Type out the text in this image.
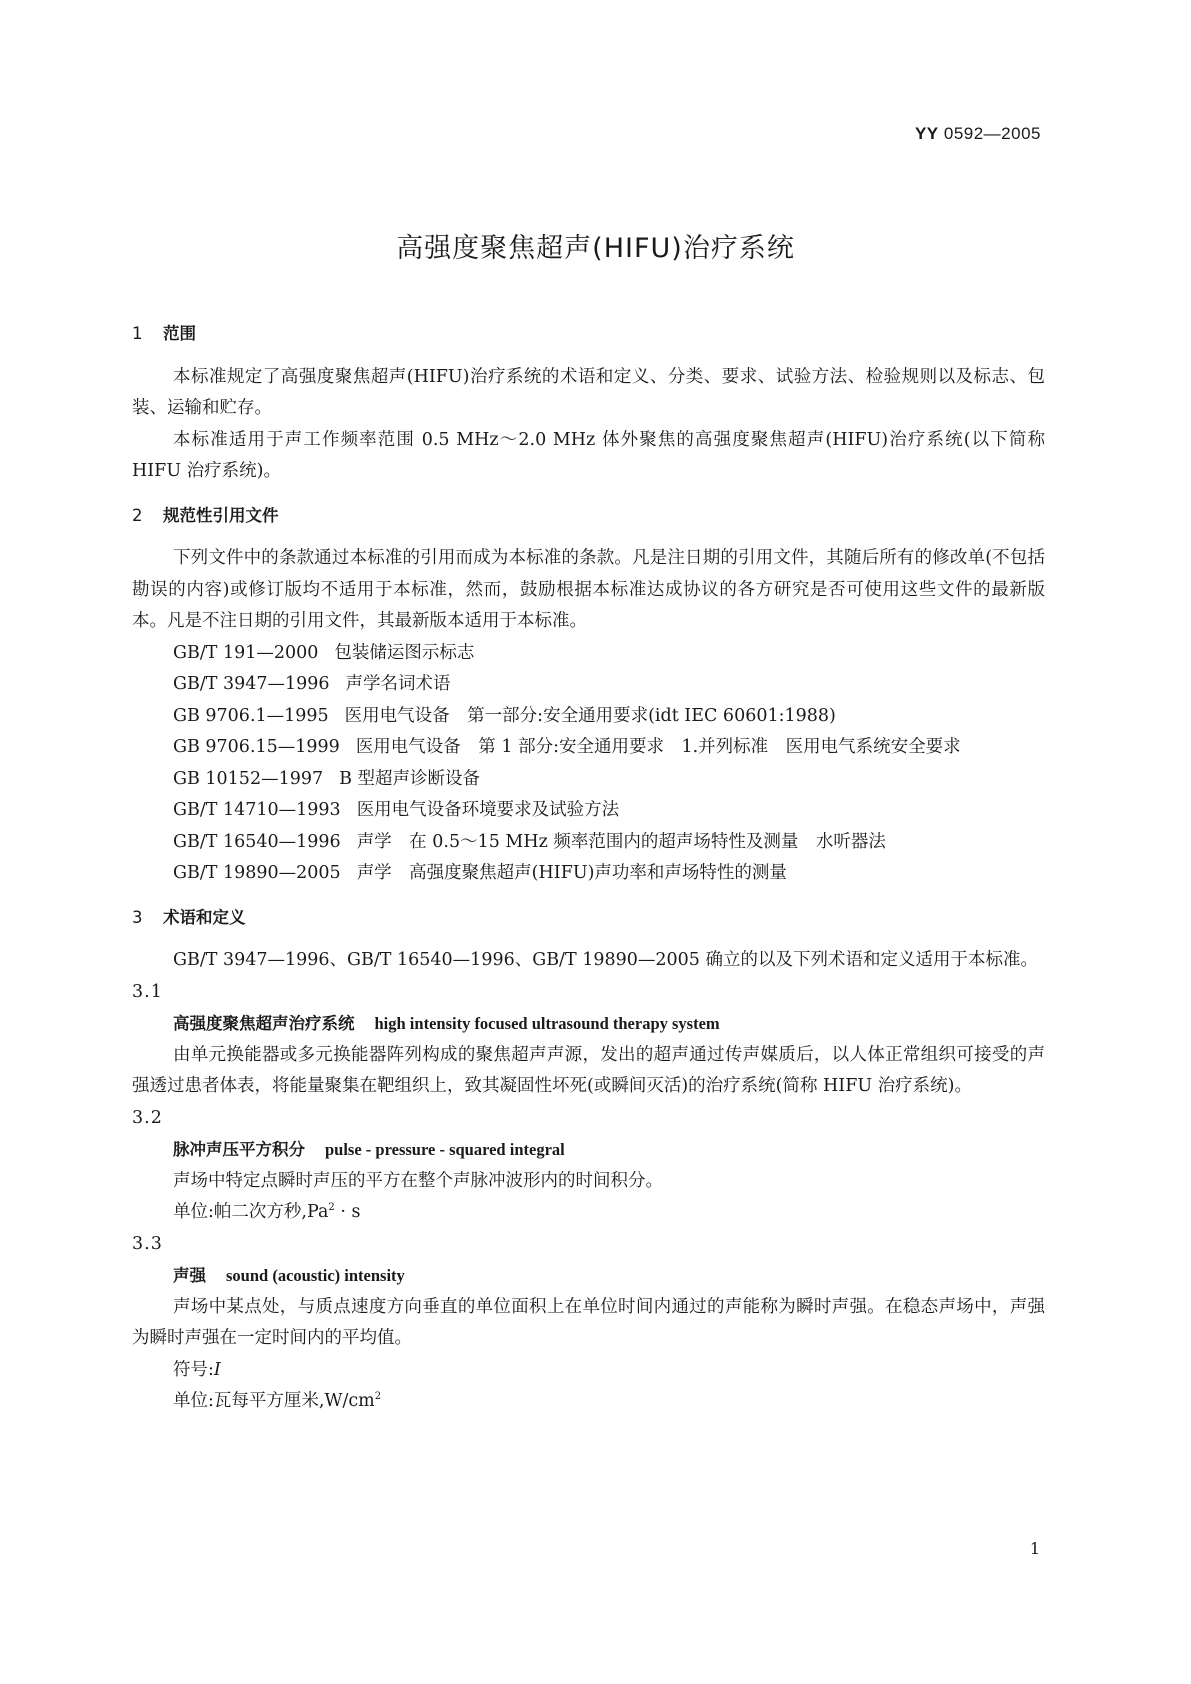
YY 0592—2005
高强度聚焦超声(HIFU)治疗系统
1 范围

本标准规定了高强度聚焦超声(HIFU)治疗系统的术语和定义、分类、要求、试验方法、检验规则以及标志、包装、运输和贮存。

本标准适用于声工作频率范围 0.5 MHz～2.0 MHz 体外聚焦的高强度聚焦超声(HIFU)治疗系统(以下简称 HIFU 治疗系统)。

2 规范性引用文件

下列文件中的条款通过本标准的引用而成为本标准的条款。凡是注日期的引用文件，其随后所有的修改单(不包括勘误的内容)或修订版均不适用于本标准，然而，鼓励根据本标准达成协议的各方研究是否可使用这些文件的最新版本。凡是不注日期的引用文件，其最新版本适用于本标准。

GB/T 191—2000 包装储运图示标志
GB/T 3947—1996 声学名词术语
GB 9706.1—1995 医用电气设备　第一部分:安全通用要求(idt IEC 60601:1988)

GB 9706.15—1999 医用电气设备　第 1 部分:安全通用要求　1.并列标准　医用电气系统安全要求

GB 10152—1997 B 型超声诊断设备
GB/T 14710—1993 医用电气设备环境要求及试验方法
GB/T 16540—1996 声学　在 0.5～15 MHz 频率范围内的超声场特性及测量　水听器法
GB/T 19890—2005 声学　高强度聚焦超声(HIFU)声功率和声场特性的测量
3 术语和定义

GB/T 3947—1996、GB/T 16540—1996、GB/T 19890—2005 确立的以及下列术语和定义适用于本标准。

3.1
高强度聚焦超声治疗系统 high intensity focused ultrasound therapy system

由单元换能器或多元换能器阵列构成的聚焦超声声源，发出的超声通过传声媒质后，以人体正常组织可接受的声强透过患者体表，将能量聚集在靶组织上，致其凝固性坏死(或瞬间灭活)的治疗系统(简称 HIFU 治疗系统)。

3.2
脉冲声压平方积分 pulse - pressure - squared integral

声场中特定点瞬时声压的平方在整个声脉冲波形内的时间积分。

单位:帕二次方秒$,Pa^2 \cdot s$

3.3
声强 sound (acoustic) intensity

声场中某点处，与质点速度方向垂直的单位面积上在单位时间内通过的声能称为瞬时声强。在稳态声场中，声强为瞬时声强在一定时间内的平均值。

符号:I

单位:瓦每平方厘米$,W/cm^2$

1
